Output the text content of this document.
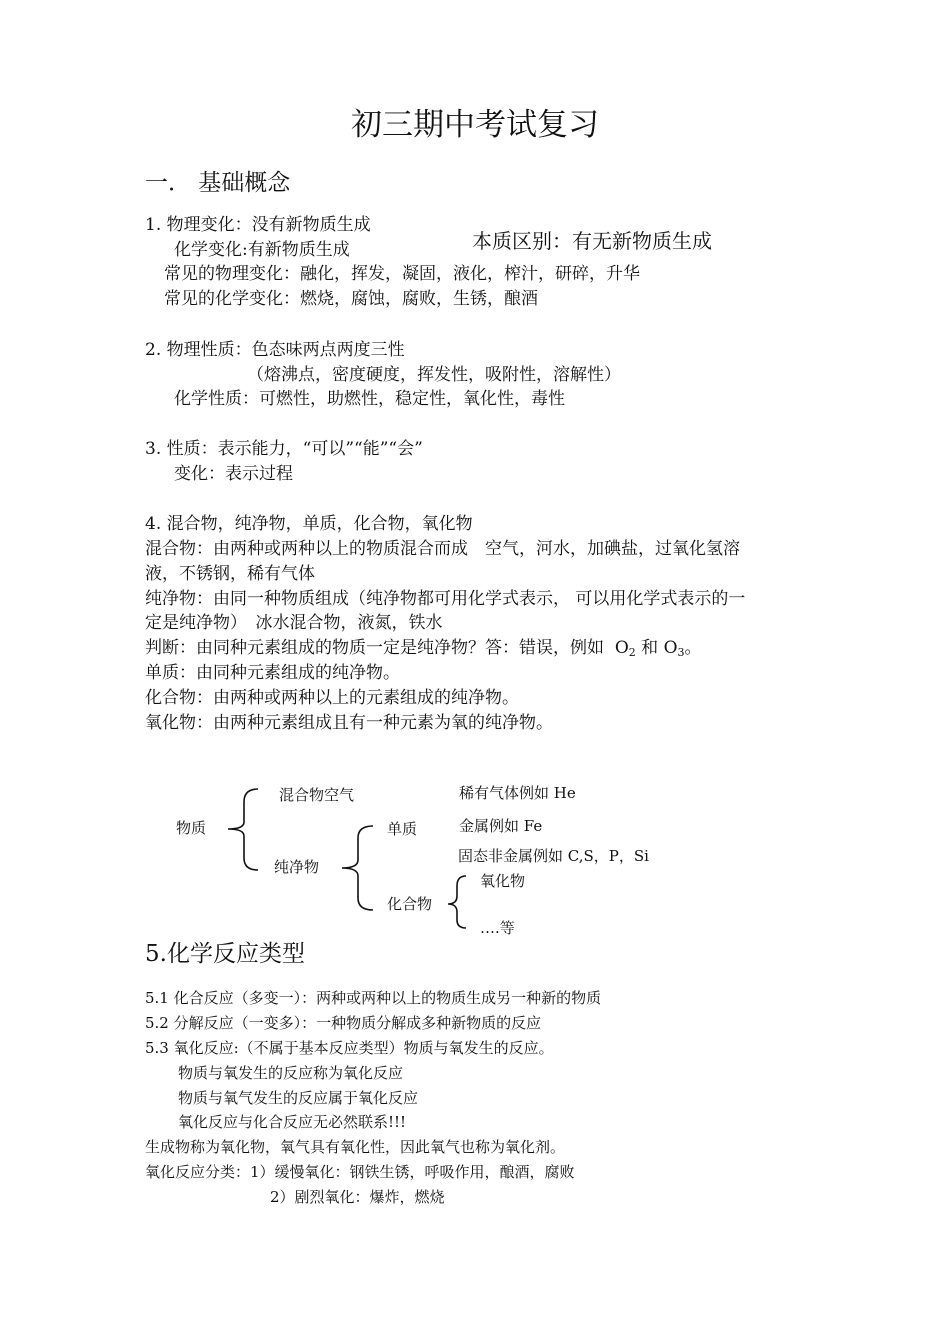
初三期中考试复习
一． 基础概念
1. 物理变化：没有新物质生成
化学变化:有新物质生成	本质区别：有无新物质生成
常见的物理变化：融化，挥发，凝固，液化，榨汁，研碎，升华
常见的化学变化：燃烧，腐蚀，腐败，生锈，酿酒
2. 物理性质：色态味两点两度三性
（熔沸点，密度硬度，挥发性，吸附性，溶解性）
化学性质：可燃性，助燃性，稳定性，氧化性，毒性
3. 性质：表示能力，“可以”“能”“会”
变化：表示过程
4. 混合物，纯净物，单质，化合物，氧化物
混合物：由两种或两种以上的物质混合而成　空气，河水，加碘盐，过氧化氢溶
液，不锈钢，稀有气体
纯净物：由同一种物质组成（纯净物都可用化学式表示， 可以用化学式表示的一
定是纯净物）　冰水混合物，液氮，铁水
判断：由同种元素组成的物质一定是纯净物？答：错误，例如 $O_2$ 和 $O_3$。
单质：由同种元素组成的纯净物。
化合物：由两种或两种以上的元素组成的纯净物。
氧化物：由两种元素组成且有一种元素为氧的纯净物。
物质
混合物空气
纯净物
单质
化合物
稀有气体例如 He
金属例如 Fe
固态非金属例如 C,S，P，Si
氧化物
….等
5.化学反应类型
5.1 化合反应（多变一）：两种或两种以上的物质生成另一种新的物质
5.2 分解反应（一变多）：一种物质分解成多种新物质的反应
5.3 氧化反应:（不属于基本反应类型）物质与氧发生的反应。
物质与氧发生的反应称为氧化反应
物质与氧气发生的反应属于氧化反应
氧化反应与化合反应无必然联系!!!
生成物称为氧化物，氧气具有氧化性，因此氧气也称为氧化剂。
氧化反应分类：1）缓慢氧化：钢铁生锈，呼吸作用，酿酒，腐败
2）剧烈氧化：爆炸，燃烧
